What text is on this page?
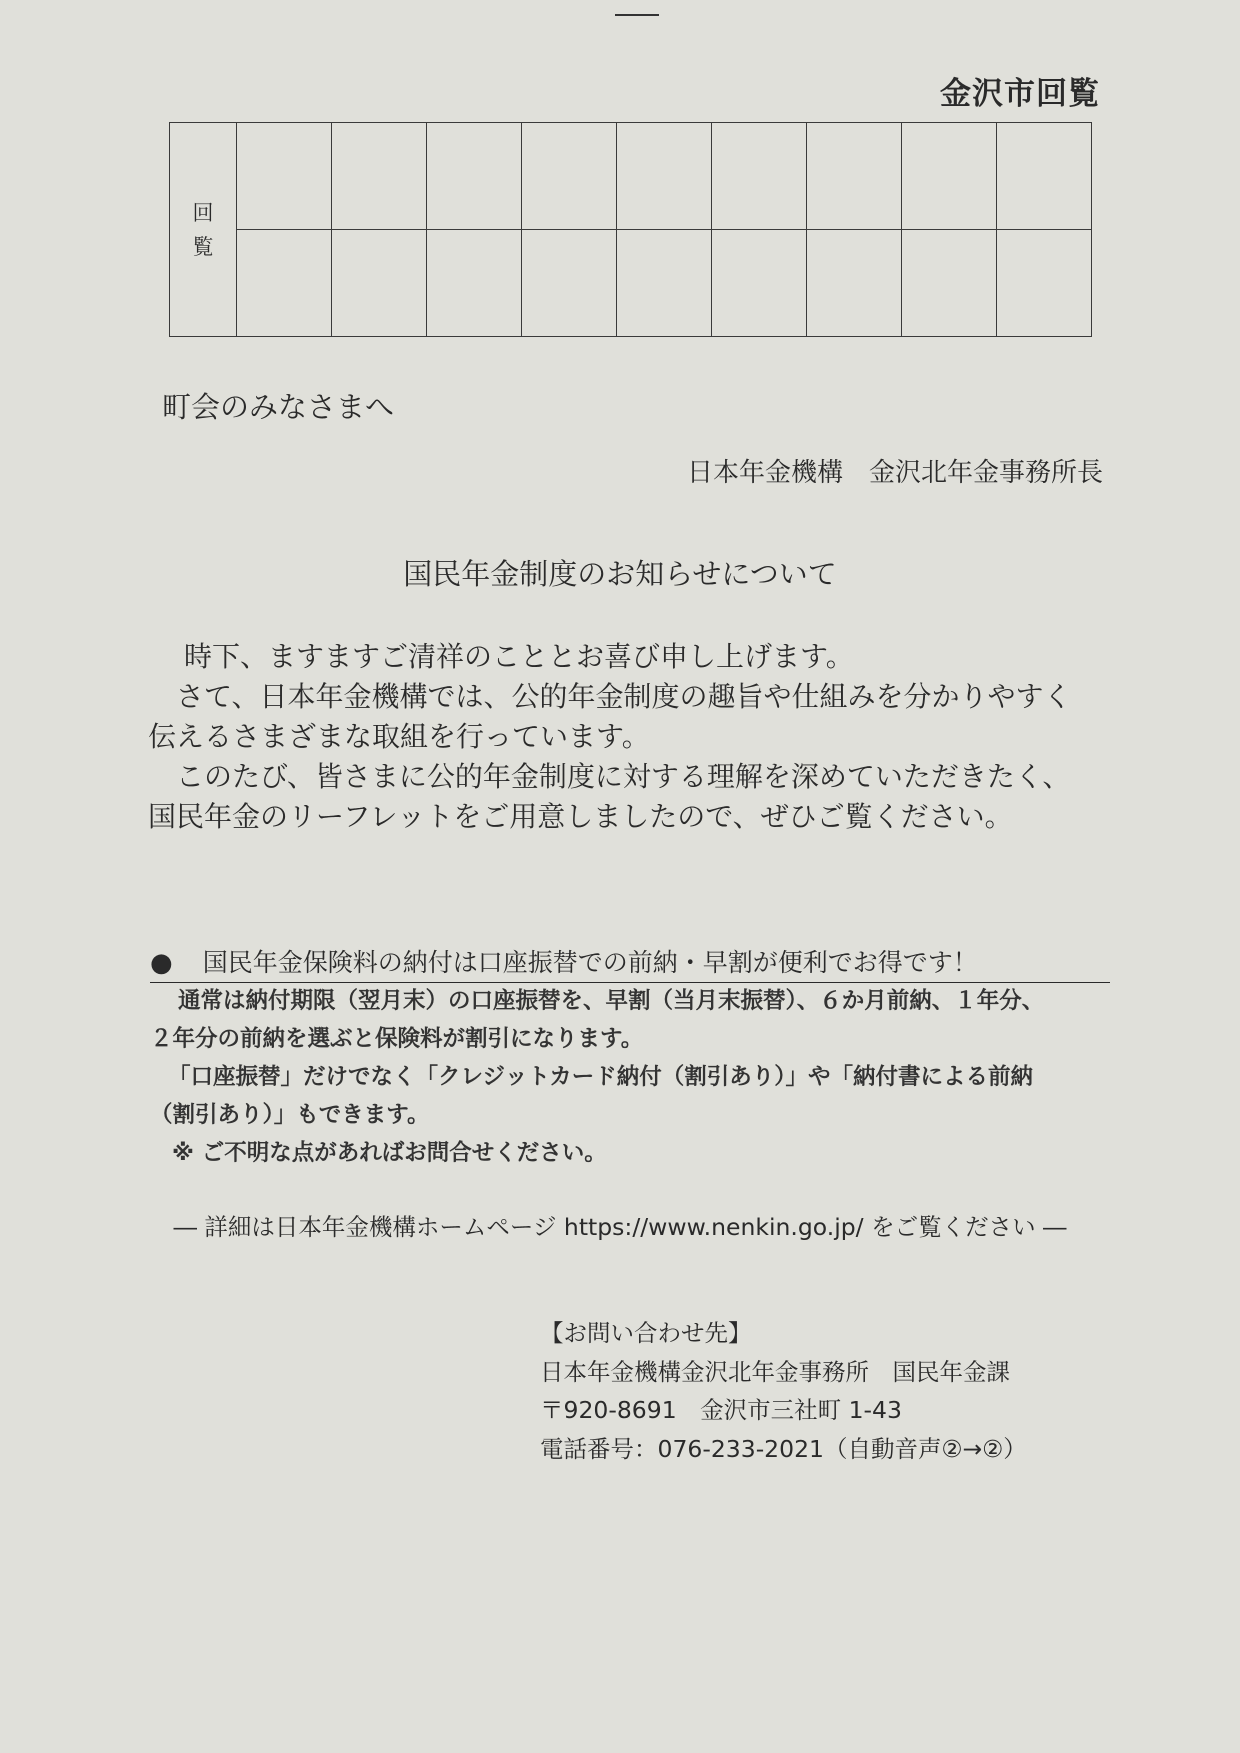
金沢市回覧
回覧									

町会のみなさまへ
日本年金機構　金沢北年金事務所長
国民年金制度のお知らせについて

時下、ますますご清祥のこととお喜び申し上げます。

さて、日本年金機構では、公的年金制度の趣旨や仕組みを分かりやすく

伝えるさまざまな取組を行っています。

このたび、皆さまに公的年金制度に対する理解を深めていただきたく、

国民年金のリーフレットをご用意しましたので、ぜひご覧ください。

● 国民年金保険料の納付は口座振替での前納・早割が便利でお得です！

通常は納付期限（翌月末）の口座振替を、早割（当月末振替）、６か月前納、１年分、

２年分の前納を選ぶと保険料が割引になります。

「口座振替」だけでなく「クレジットカード納付（割引あり）」や「納付書による前納

（割引あり）」もできます。

※ ご不明な点があればお問合せください。

― 詳細は日本年金機構ホームページ https://www.nenkin.go.jp/ をご覧ください ―

【お問い合わせ先】

日本年金機構金沢北年金事務所　国民年金課

〒920-8691　金沢市三社町 1-43

電話番号：076-233-2021（自動音声②→②）
